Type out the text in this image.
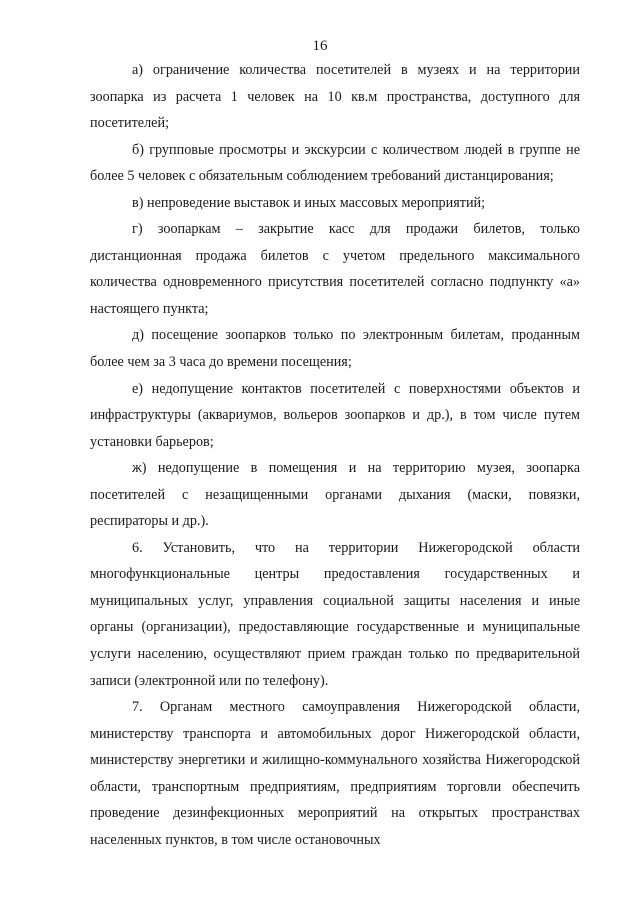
16

а) ограничение количества посетителей в музеях и на территории зоопарка из расчета 1 человек на 10 кв.м пространства, доступного для посетителей;

б) групповые просмотры и экскурсии с количеством людей в группе не более 5 человек с обязательным соблюдением требований дистанцирования;

в) непроведение выставок и иных массовых мероприятий;

г) зоопаркам – закрытие касс для продажи билетов, только дистанционная продажа билетов с учетом предельного максимального количества одновременного присутствия посетителей согласно подпункту «а» настоящего пункта;

д) посещение зоопарков только по электронным билетам, проданным более чем за 3 часа до времени посещения;

е) недопущение контактов посетителей с поверхностями объектов и инфраструктуры (аквариумов, вольеров зоопарков и др.), в том числе путем установки барьеров;

ж) недопущение в помещения и на территорию музея, зоопарка посетителей с незащищенными органами дыхания (маски, повязки, респираторы и др.).

6. Установить, что на территории Нижегородской области многофункциональные центры предоставления государственных и муниципальных услуг, управления социальной защиты населения и иные органы (организации), предоставляющие государственные и муниципальные услуги населению, осуществляют прием граждан только по предварительной записи (электронной или по телефону).

7. Органам местного самоуправления Нижегородской области, министерству транспорта и автомобильных дорог Нижегородской области, министерству энергетики и жилищно-коммунального хозяйства Нижегородской области, транспортным предприятиям, предприятиям торговли обеспечить проведение дезинфекционных мероприятий на открытых пространствах населенных пунктов, в том числе остановочных
